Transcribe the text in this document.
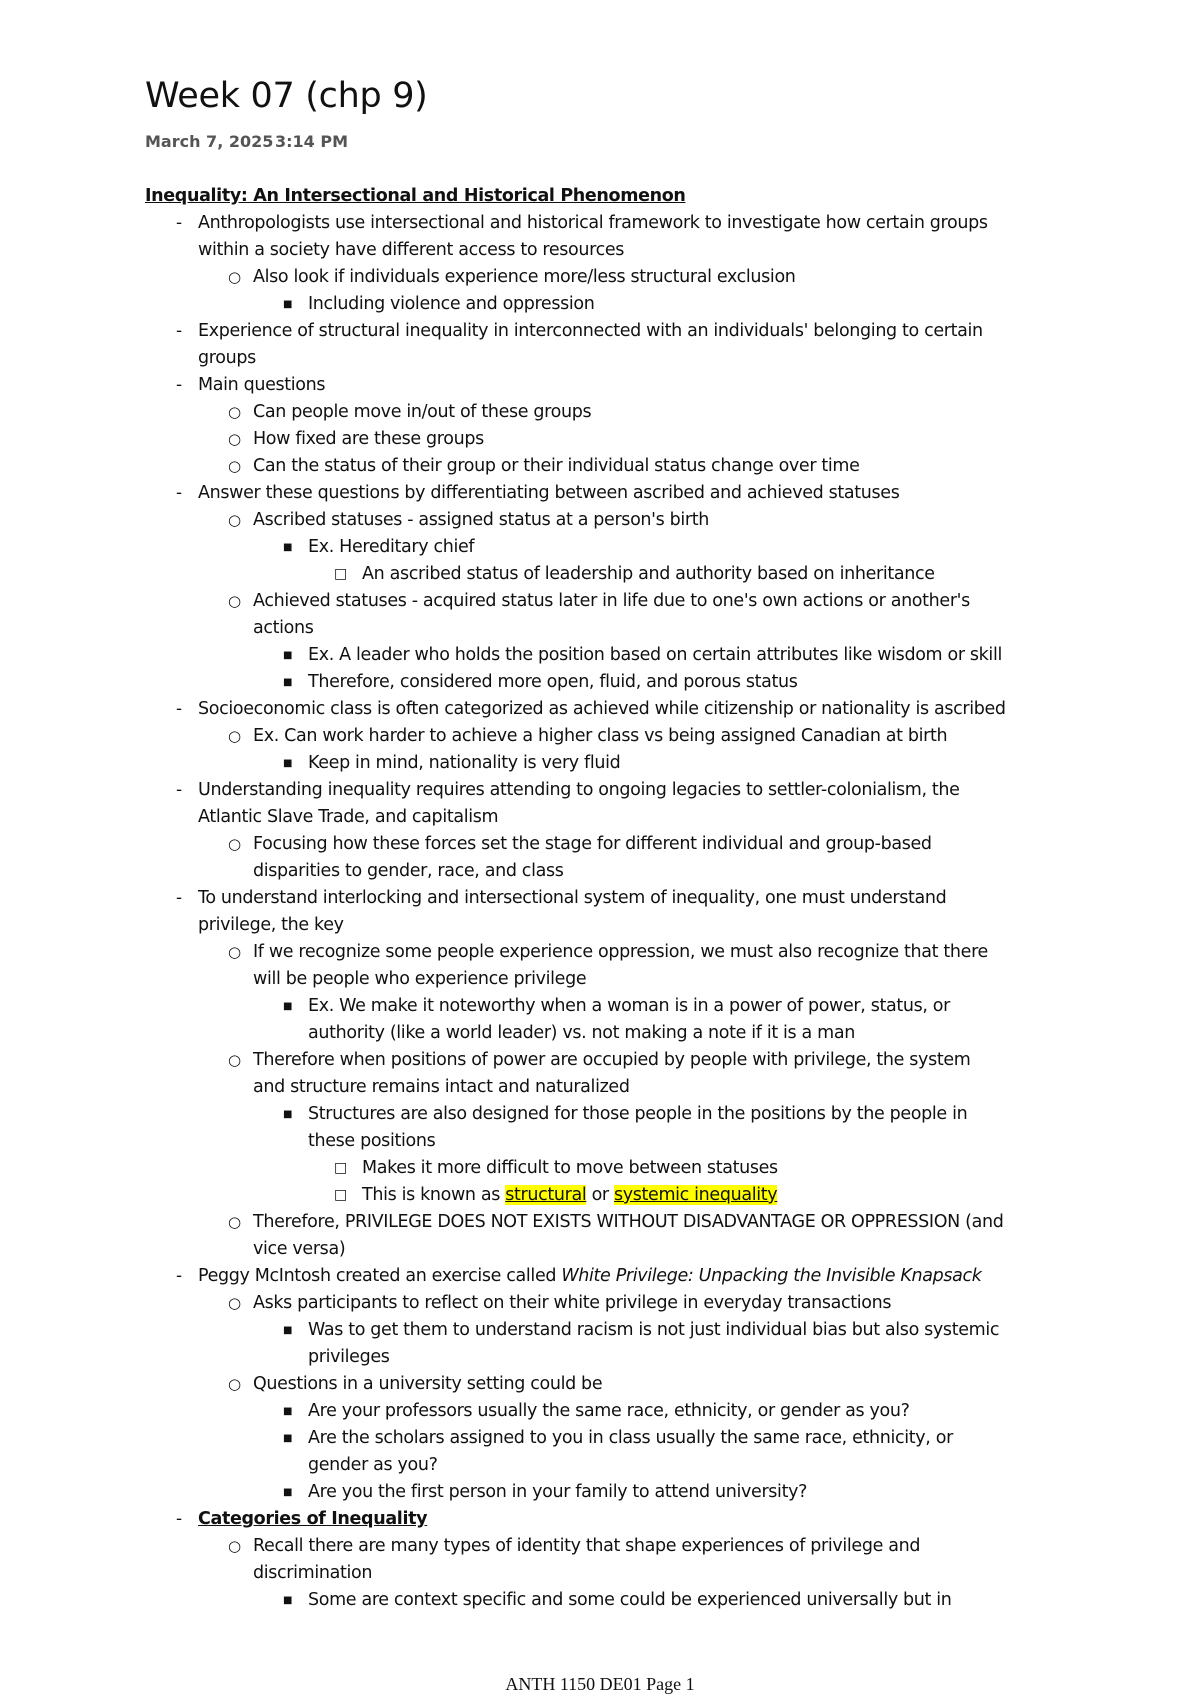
Week 07 (chp 9)
March 7, 2025 3:14 PM
Inequality: An Intersectional and Historical Phenomenon
- Anthropologists use intersectional and historical framework to investigate how certain groups
within a society have different access to resources
○ Also look if individuals experience more/less structural exclusion
■ Including violence and oppression
- Experience of structural inequality in interconnected with an individuals' belonging to certain
groups
- Main questions
○ Can people move in/out of these groups
○ How fixed are these groups
○ Can the status of their group or their individual status change over time
- Answer these questions by differentiating between ascribed and achieved statuses
○ Ascribed statuses - assigned status at a person's birth
■ Ex. Hereditary chief
□ An ascribed status of leadership and authority based on inheritance
○ Achieved statuses - acquired status later in life due to one's own actions or another's
actions
■ Ex. A leader who holds the position based on certain attributes like wisdom or skill
■ Therefore, considered more open, fluid, and porous status
- Socioeconomic class is often categorized as achieved while citizenship or nationality is ascribed
○ Ex. Can work harder to achieve a higher class vs being assigned Canadian at birth
■ Keep in mind, nationality is very fluid
- Understanding inequality requires attending to ongoing legacies to settler-colonialism, the
Atlantic Slave Trade, and capitalism
○ Focusing how these forces set the stage for different individual and group-based
disparities to gender, race, and class
- To understand interlocking and intersectional system of inequality, one must understand
privilege, the key
○ If we recognize some people experience oppression, we must also recognize that there
will be people who experience privilege
■ Ex. We make it noteworthy when a woman is in a power of power, status, or
authority (like a world leader) vs. not making a note if it is a man
○ Therefore when positions of power are occupied by people with privilege, the system
and structure remains intact and naturalized
■ Structures are also designed for those people in the positions by the people in
these positions
□ Makes it more difficult to move between statuses
□ This is known as structural or systemic inequality
○ Therefore, PRIVILEGE DOES NOT EXISTS WITHOUT DISADVANTAGE OR OPPRESSION (and
vice versa)
- Peggy McIntosh created an exercise called White Privilege: Unpacking the Invisible Knapsack
○ Asks participants to reflect on their white privilege in everyday transactions
■ Was to get them to understand racism is not just individual bias but also systemic
privileges
○ Questions in a university setting could be
■ Are your professors usually the same race, ethnicity, or gender as you?
■ Are the scholars assigned to you in class usually the same race, ethnicity, or
gender as you?
■ Are you the first person in your family to attend university?
- Categories of Inequality
○ Recall there are many types of identity that shape experiences of privilege and
discrimination
■ Some are context specific and some could be experienced universally but in
ANTH 1150 DE01 Page 1
